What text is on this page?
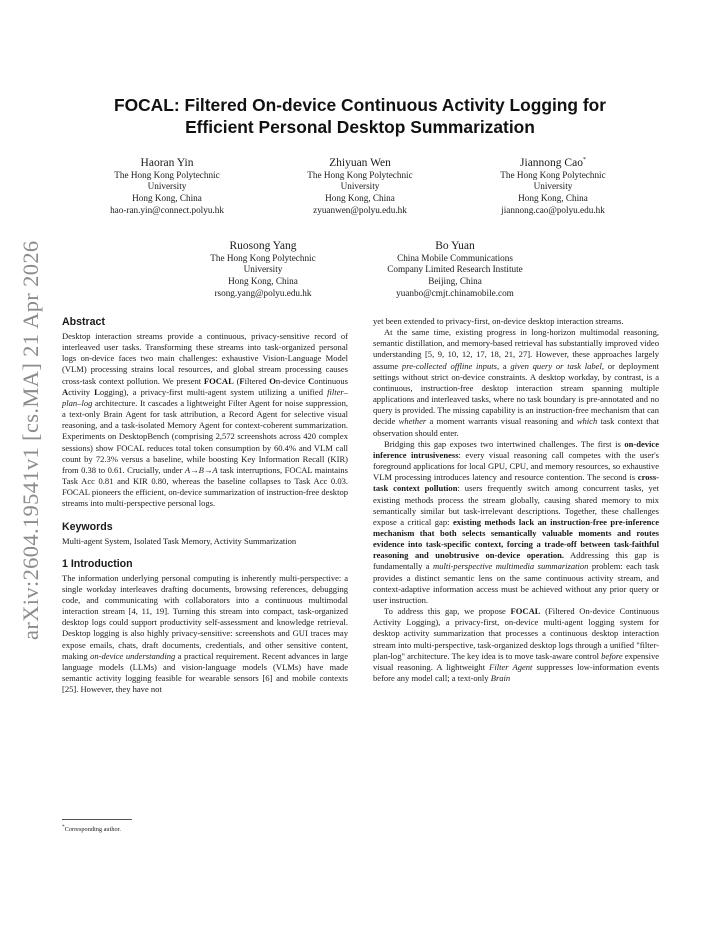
arXiv:2604.19541v1 [cs.MA] 21 Apr 2026
FOCAL: Filtered On-device Continuous Activity Logging for
Efficient Personal Desktop Summarization
Haoran Yin
The Hong Kong Polytechnic
University
Hong Kong, China
hao-ran.yin@connect.polyu.hk
Zhiyuan Wen
The Hong Kong Polytechnic
University
Hong Kong, China
zyuanwen@polyu.edu.hk
Jiannong Cao*
The Hong Kong Polytechnic
University
Hong Kong, China
jiannong.cao@polyu.edu.hk
Ruosong Yang
The Hong Kong Polytechnic
University
Hong Kong, China
rsong.yang@polyu.edu.hk
Bo Yuan
China Mobile Communications
Company Limited Research Institute
Beijing, China
yuanbo@cmjt.chinamobile.com
Abstract

Desktop interaction streams provide a continuous, privacy-sensitive record of interleaved user tasks. Transforming these streams into task-organized personal logs on-device faces two main challenges: exhaustive Vision-Language Model (VLM) processing strains local resources, and global stream processing causes cross-task context pollution. We present FOCAL (Filtered On-device Continuous Activity Logging), a privacy-first multi-agent system utilizing a unified filter–plan–log architecture. It cascades a lightweight Filter Agent for noise suppression, a text-only Brain Agent for task attribution, a Record Agent for selective visual reasoning, and a task-isolated Memory Agent for context-coherent summarization. Experiments on DesktopBench (comprising 2,572 screenshots across 420 complex sessions) show FOCAL reduces total token consumption by 60.4% and VLM call count by 72.3% versus a baseline, while boosting Key Information Recall (KIR) from 0.38 to 0.61. Crucially, under A→B→A task interruptions, FOCAL maintains Task Acc 0.81 and KIR 0.80, whereas the baseline collapses to Task Acc 0.03. FOCAL pioneers the efficient, on-device summarization of instruction-free desktop streams into multi-perspective personal logs.

Keywords

Multi-agent System, Isolated Task Memory, Activity Summarization

1 Introduction

The information underlying personal computing is inherently multi-perspective: a single workday interleaves drafting documents, browsing references, debugging code, and communicating with collaborators into a continuous multimodal interaction stream [4, 11, 19]. Turning this stream into compact, task-organized desktop logs could support productivity self-assessment and knowledge retrieval. Desktop logging is also highly privacy-sensitive: screenshots and GUI traces may expose emails, chats, draft documents, credentials, and other sensitive content, making on-device understanding a practical requirement. Recent advances in large language models (LLMs) and vision-language models (VLMs) have made semantic activity logging feasible for wearable sensors [6] and mobile contexts [25]. However, they have not

yet been extended to privacy-first, on-device desktop interaction streams.

At the same time, existing progress in long-horizon multimodal reasoning, semantic distillation, and memory-based retrieval has substantially improved video understanding [5, 9, 10, 12, 17, 18, 21, 27]. However, these approaches largely assume pre-collected offline inputs, a given query or task label, or deployment settings without strict on-device constraints. A desktop workday, by contrast, is a continuous, instruction-free desktop interaction stream spanning multiple applications and interleaved tasks, where no task boundary is pre-annotated and no query is provided. The missing capability is an instruction-free mechanism that can decide whether a moment warrants visual reasoning and which task context that observation should enter.

Bridging this gap exposes two intertwined challenges. The first is on-device inference intrusiveness: every visual reasoning call competes with the user's foreground applications for local GPU, CPU, and memory resources, so exhaustive VLM processing introduces latency and resource contention. The second is cross-task context pollution: users frequently switch among concurrent tasks, yet existing methods process the stream globally, causing shared memory to mix semantically similar but task-irrelevant descriptions. Together, these challenges expose a critical gap: existing methods lack an instruction-free pre-inference mechanism that both selects semantically valuable moments and routes evidence into task-specific context, forcing a trade-off between task-faithful reasoning and unobtrusive on-device operation. Addressing this gap is fundamentally a multi-perspective multimedia summarization problem: each task provides a distinct semantic lens on the same continuous activity stream, and context-adaptive information access must be achieved without any prior query or user instruction.

To address this gap, we propose FOCAL (Filtered On-device Continuous Activity Logging), a privacy-first, on-device multi-agent logging system for desktop activity summarization that processes a continuous desktop interaction stream into multi-perspective, task-organized desktop logs through a unified "filter-plan-log" architecture. The key idea is to move task-aware control before expensive visual reasoning. A lightweight Filter Agent suppresses low-information events before any model call; a text-only Brain

*Corresponding author.
